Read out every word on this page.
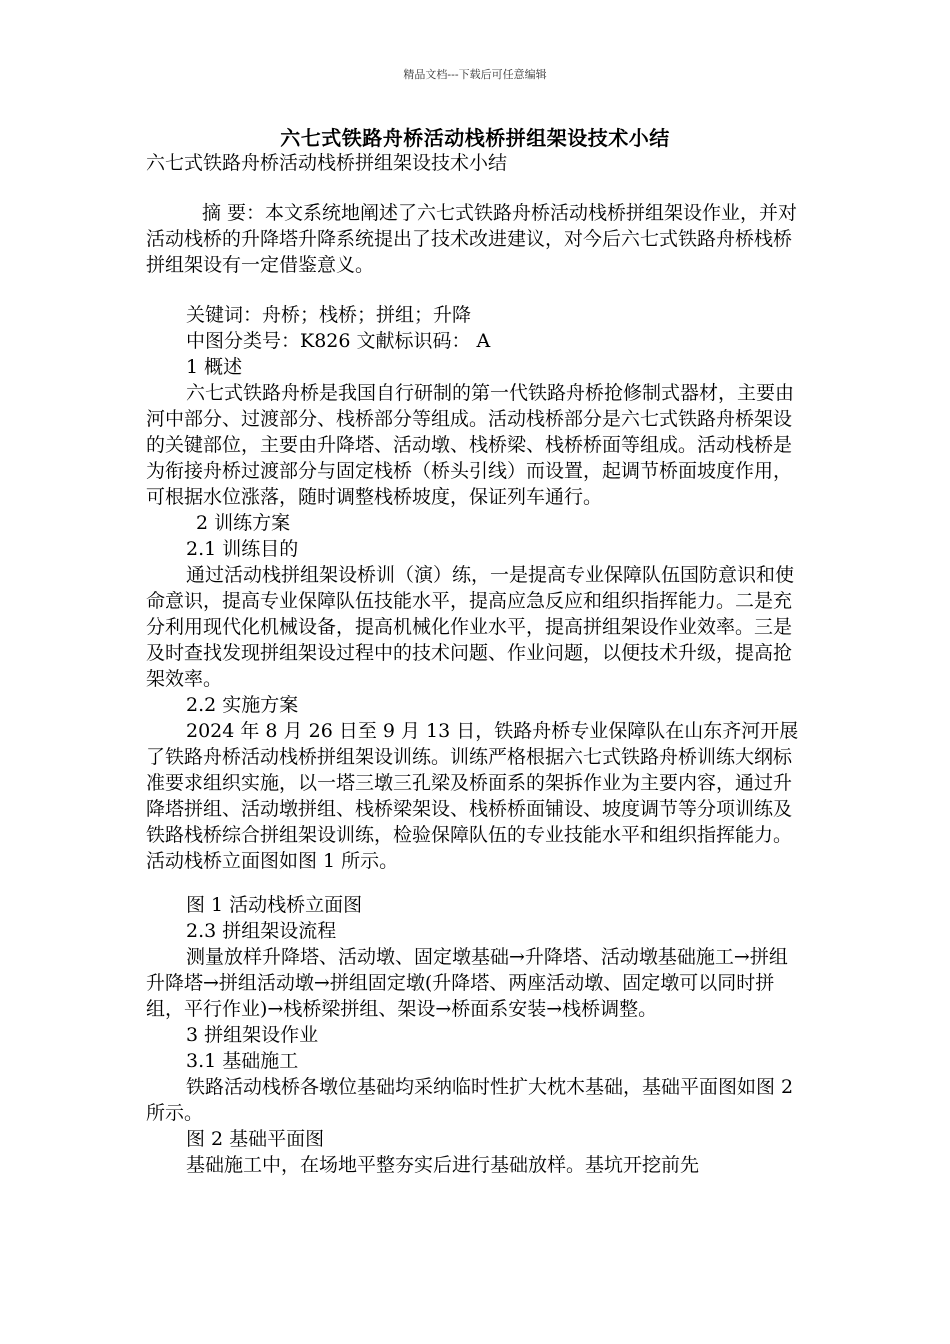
精品文档---下载后可任意编辑
六七式铁路舟桥活动栈桥拼组架设技术小结

六七式铁路舟桥活动栈桥拼组架设技术小结

摘 要：本文系统地阐述了六七式铁路舟桥活动栈桥拼组架设作业，并对活动栈桥的升降塔升降系统提出了技术改进建议，对今后六七式铁路舟桥栈桥拼组架设有一定借鉴意义。

关键词：舟桥；栈桥；拼组；升降

中图分类号：K826 文献标识码： A

1 概述

六七式铁路舟桥是我国自行研制的第一代铁路舟桥抢修制式器材，主要由河中部分、过渡部分、栈桥部分等组成。活动栈桥部分是六七式铁路舟桥架设的关键部位，主要由升降塔、活动墩、栈桥梁、栈桥桥面等组成。活动栈桥是为衔接舟桥过渡部分与固定栈桥（桥头引线）而设置，起调节桥面坡度作用，可根据水位涨落，随时调整栈桥坡度，保证列车通行。

2 训练方案

2.1 训练目的

通过活动栈拼组架设桥训（演）练，一是提高专业保障队伍国防意识和使命意识，提高专业保障队伍技能水平，提高应急反应和组织指挥能力。二是充分利用现代化机械设备，提高机械化作业水平，提高拼组架设作业效率。三是及时查找发现拼组架设过程中的技术问题、作业问题，以便技术升级，提高抢架效率。

2.2 实施方案

2024 年 8 月 26 日至 9 月 13 日，铁路舟桥专业保障队在山东齐河开展了铁路舟桥活动栈桥拼组架设训练。训练严格根据六七式铁路舟桥训练大纲标准要求组织实施，以一塔三墩三孔梁及桥面系的架拆作业为主要内容，通过升降塔拼组、活动墩拼组、栈桥梁架设、栈桥桥面铺设、坡度调节等分项训练及铁路栈桥综合拼组架设训练，检验保障队伍的专业技能水平和组织指挥能力。活动栈桥立面图如图 1 所示。

图 1 活动栈桥立面图

2.3 拼组架设流程

测量放样升降塔、活动墩、固定墩基础→升降塔、活动墩基础施工→拼组升降塔→拼组活动墩→拼组固定墩(升降塔、两座活动墩、固定墩可以同时拼组，平行作业)→栈桥梁拼组、架设→桥面系安装→栈桥调整。

3 拼组架设作业

3.1 基础施工

铁路活动栈桥各墩位基础均采纳临时性扩大枕木基础，基础平面图如图 2 所示。

图 2 基础平面图

基础施工中，在场地平整夯实后进行基础放样。基坑开挖前先
